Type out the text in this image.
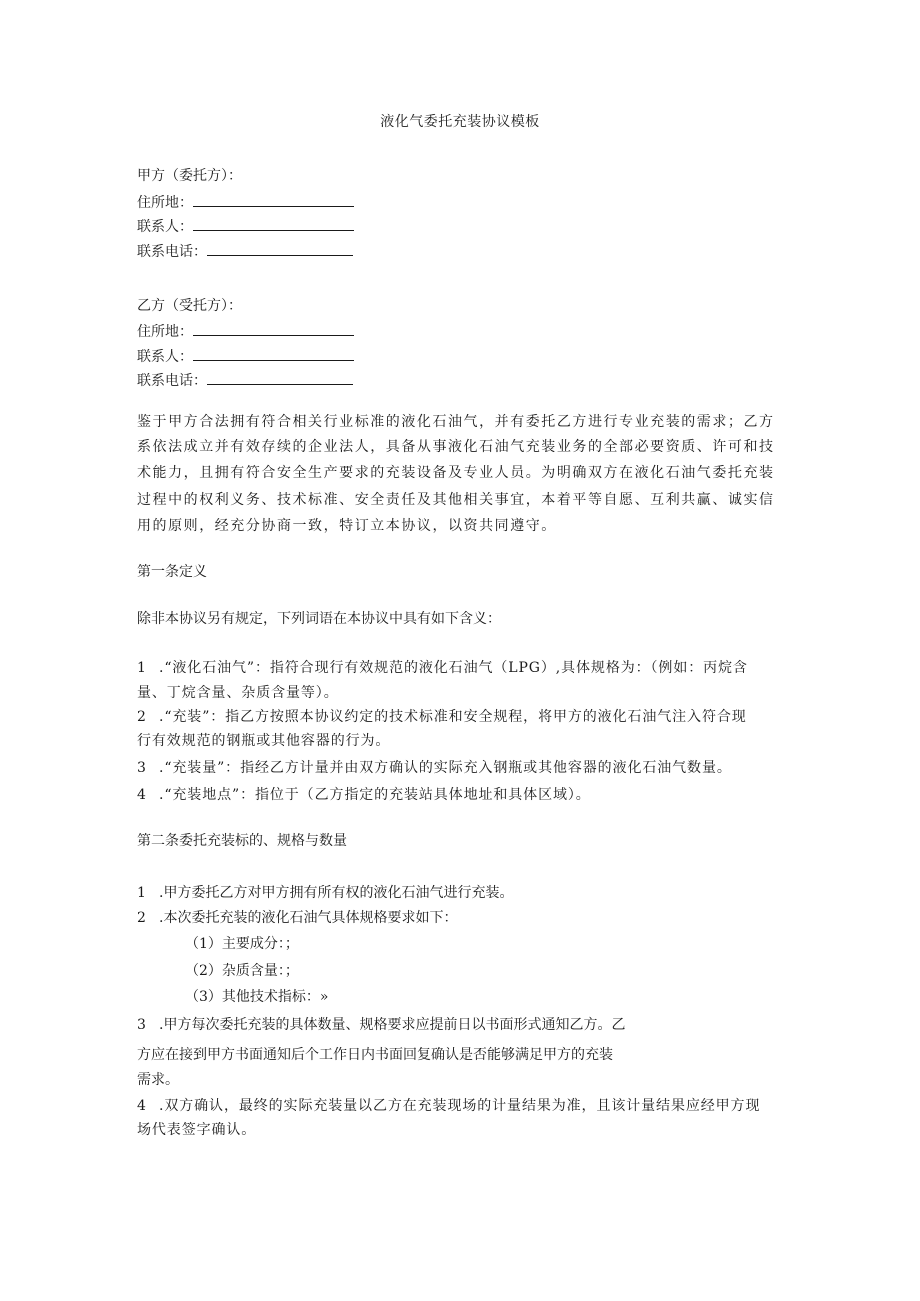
液化气委托充装协议模板
甲方（委托方）：
住所地：
联系人：
联系电话：
乙方（受托方）：
住所地：
联系人：
联系电话：
鉴于甲方合法拥有符合相关行业标准的液化石油气，并有委托乙方进行专业充装的需求；乙方
系依法成立并有效存续的企业法人，具备从事液化石油气充装业务的全部必要资质、许可和技
术能力，且拥有符合安全生产要求的充装设备及专业人员。为明确双方在液化石油气委托充装
过程中的权利义务、技术标准、安全责任及其他相关事宜，本着平等自愿、互利共赢、诚实信
用的原则，经充分协商一致，特订立本协议，以资共同遵守。
第一条定义
除非本协议另有规定，下列词语在本协议中具有如下含义：
1 .“液化石油气”：指符合现行有效规范的液化石油气（LPG）,具体规格为：（例如：丙烷含
量、丁烷含量、杂质含量等）。
2 .“充装”：指乙方按照本协议约定的技术标准和安全规程，将甲方的液化石油气注入符合现
行有效规范的钢瓶或其他容器的行为。
3 .“充装量”：指经乙方计量并由双方确认的实际充入钢瓶或其他容器的液化石油气数量。
4 .“充装地点”：指位于（乙方指定的充装站具体地址和具体区域）。
第二条委托充装标的、规格与数量
1 .甲方委托乙方对甲方拥有所有权的液化石油气进行充装。
2 .本次委托充装的液化石油气具体规格要求如下：
（1）主要成分：；
（2）杂质含量：；
（3）其他技术指标：»
3 .甲方每次委托充装的具体数量、规格要求应提前日以书面形式通知乙方。乙
方应在接到甲方书面通知后个工作日内书面回复确认是否能够满足甲方的充装
需求。
4 .双方确认，最终的实际充装量以乙方在充装现场的计量结果为准，且该计量结果应经甲方现
场代表签字确认。
